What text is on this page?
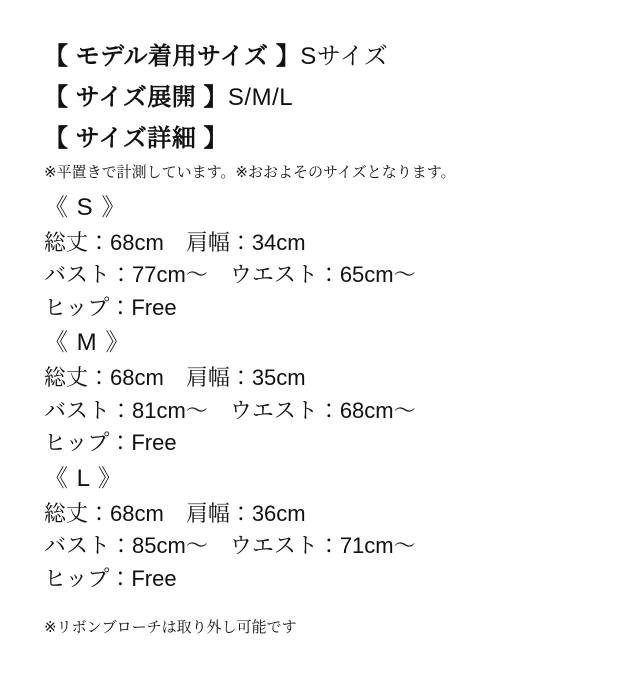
【 モデル着用サイズ 】Sサイズ

【 サイズ展開 】S/M/L

【 サイズ詳細 】

※平置きで計測しています。※おおよそのサイズとなります。

《 S 》

総丈：68cm 肩幅：34cm

バスト：77cm〜 ウエスト：65cm〜

ヒップ：Free

《 M 》

総丈：68cm 肩幅：35cm

バスト：81cm〜 ウエスト：68cm〜

ヒップ：Free

《 L 》

総丈：68cm 肩幅：36cm

バスト：85cm〜 ウエスト：71cm〜

ヒップ：Free

※リボンブローチは取り外し可能です
